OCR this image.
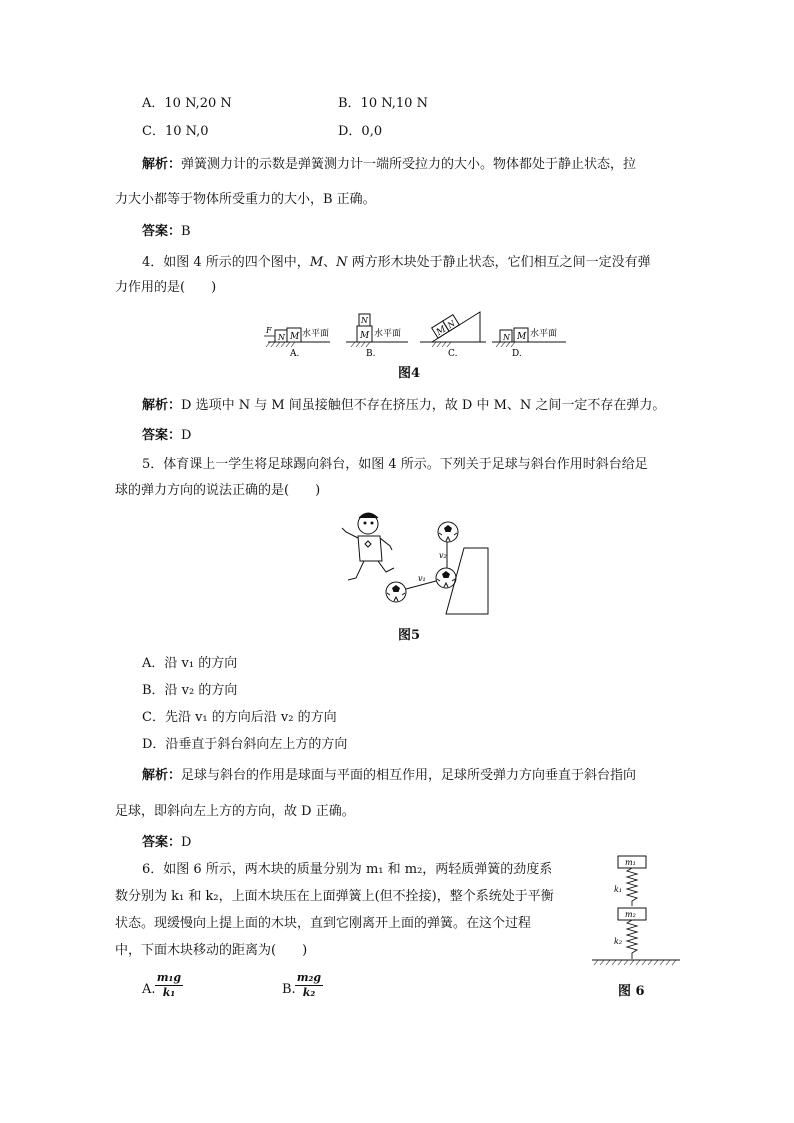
A．10 N,20 N	B．10 N,10 N
C．10 N,0	D．0,0
解析：弹簧测力计的示数是弹簧测力计一端所受拉力的大小。物体都处于静止状态，拉
力大小都等于物体所受重力的大小，B 正确。
答案：B
4．如图 4 所示的四个图中，M、N 两方形木块处于静止状态，它们相互之间一定没有弹
力作用的是(　　)
N M
F	水平面
A.
M
N
水平面
B.
M
N
C.
N M 水平面
D.
图4
解析：D 选项中 N 与 M 间虽接触但不存在挤压力，故 D 中 M、N 之间一定不存在弹力。
答案：D
5．体育课上一学生将足球踢向斜台，如图 4 所示。下列关于足球与斜台作用时斜台给足
球的弹力方向的说法正确的是(　　)
v₁
v₂
图5
A．沿 v₁ 的方向
B．沿 v₂ 的方向
C．先沿 v₁ 的方向后沿 v₂ 的方向
D．沿垂直于斜台斜向左上方的方向
解析：足球与斜台的作用是球面与平面的相互作用，足球所受弹力方向垂直于斜台指向
足球，即斜向左上方的方向，故 D 正确。
答案：D
6．如图 6 所示，两木块的质量分别为 m₁ 和 m₂，两轻质弹簧的劲度系
数分别为 k₁ 和 k₂，上面木块压在上面弹簧上(但不拴接)，整个系统处于平衡
状态。现缓慢向上提上面的木块，直到它刚离开上面的弹簧。在这个过程
中，下面木块移动的距离为(　　)
A.
m₁g
k₁	B.
m₂g
k₂
m₁
k₁
m₂
k₂
图 6
